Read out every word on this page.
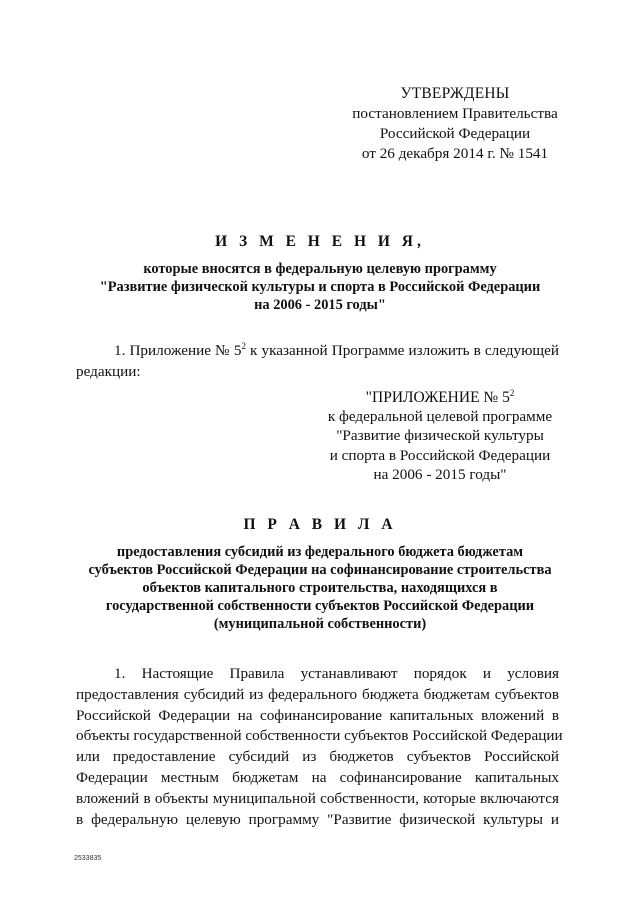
УТВЕРЖДЕНЫ
постановлением Правительства
Российской Федерации
от 26 декабря 2014 г. № 1541
И З М Е Н Е Н И Я,
которые вносятся в федеральную целевую программу
"Развитие физической культуры и спорта в Российской Федерации
на 2006 - 2015 годы"
1. Приложение № $5^2$ к указанной Программе изложить в следующей
редакции:
"ПРИЛОЖЕНИЕ № $5^2$
к федеральной целевой программе
"Развитие физической культуры
и спорта в Российской Федерации
на 2006 - 2015 годы"
П Р А В И Л А
предоставления субсидий из федерального бюджета бюджетам
субъектов Российской Федерации на софинансирование строительства
объектов капитального строительства, находящихся в
государственной собственности субъектов Российской Федерации
(муниципальной собственности)
1. Настоящие Правила устанавливают порядок и условия
предоставления субсидий из федерального бюджета бюджетам субъектов
Российской Федерации на софинансирование капитальных вложений в
объекты государственной собственности субъектов Российской Федерации
или предоставление субсидий из бюджетов субъектов Российской
Федерации местным бюджетам на софинансирование капитальных
вложений в объекты муниципальной собственности, которые включаются
в федеральную целевую программу "Развитие физической культуры и
2533835
